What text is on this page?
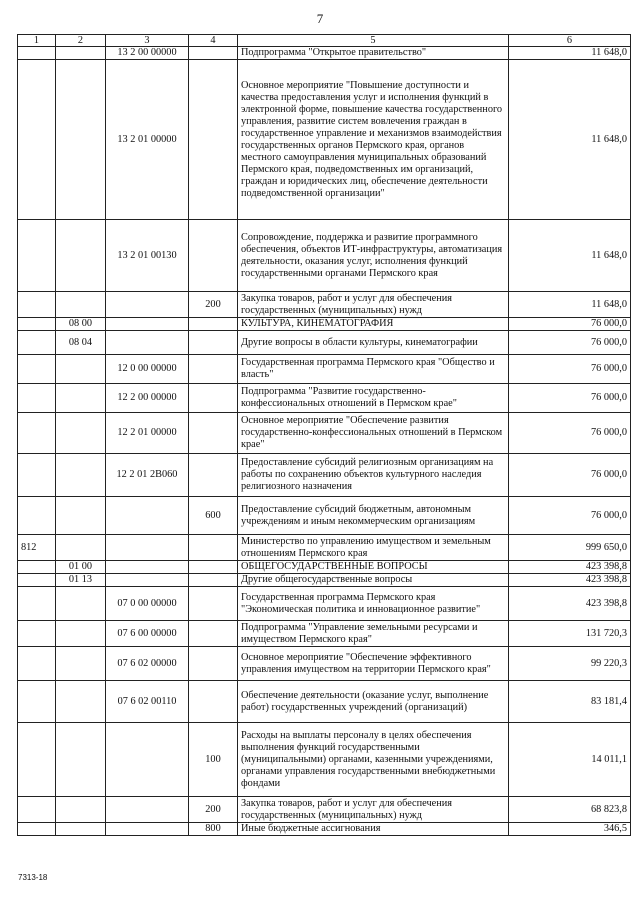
7
1	2	3	4	5	6
		13 2 00 00000		Подпрограмма "Открытое правительство"	11 648,0
		13 2 01 00000		Основное мероприятие "Повышение доступности и качества предоставления услуг и исполнения функций в электронной форме, повышение качества государственного управления, развитие систем вовлечения граждан в государственное управление и механизмов взаимодействия государственных органов Пермского края, органов местного самоуправления муниципальных образований Пермского края, подведомственных им организаций, граждан и юридических лиц, обеспечение деятельности подведомственной организации"	11 648,0
		13 2 01 00130		Сопровождение, поддержка и развитие программного обеспечения, объектов ИТ-инфраструктуры, автоматизация деятельности, оказания услуг, исполнения функций государственными органами Пермского края	11 648,0
			200	Закупка товаров, работ и услуг для обеспечения государственных (муниципальных) нужд	11 648,0
	08 00			КУЛЬТУРА, КИНЕМАТОГРАФИЯ	76 000,0
	08 04			Другие вопросы в области культуры, кинематографии	76 000,0
		12 0 00 00000		Государственная программа Пермского края "Общество и власть"	76 000,0
		12 2 00 00000		Подпрограмма "Развитие государственно-конфессиональных отношений в Пермском крае"	76 000,0
		12 2 01 00000		Основное мероприятие "Обеспечение развития государственно-конфессиональных отношений в Пермском крае"	76 000,0
		12 2 01 2В060		Предоставление субсидий религиозным организациям на работы по сохранению объектов культурного наследия религиозного назначения	76 000,0
			600	Предоставление субсидий бюджетным, автономным учреждениям и иным некоммерческим организациям	76 000,0
812				Министерство по управлению имуществом и земельным отношениям Пермского края	999 650,0
	01 00			ОБЩЕГОСУДАРСТВЕННЫЕ ВОПРОСЫ	423 398,8
	01 13			Другие общегосударственные вопросы	423 398,8
		07 0 00 00000		Государственная программа Пермского края "Экономическая политика и инновационное развитие"	423 398,8
		07 6 00 00000		Подпрограмма "Управление земельными ресурсами и имуществом Пермского края"	131 720,3
		07 6 02 00000		Основное мероприятие "Обеспечение эффективного управления имуществом на территории Пермского края"	99 220,3
		07 6 02 00110		Обеспечение деятельности (оказание услуг, выполнение работ) государственных учреждений (организаций)	83 181,4
			100	Расходы на выплаты персоналу в целях обеспечения выполнения функций государственными (муниципальными) органами, казенными учреждениями, органами управления государственными внебюджетными фондами	14 011,1
			200	Закупка товаров, работ и услуг для обеспечения государственных (муниципальных) нужд	68 823,8
			800	Иные бюджетные ассигнования	346,5
7313-18
